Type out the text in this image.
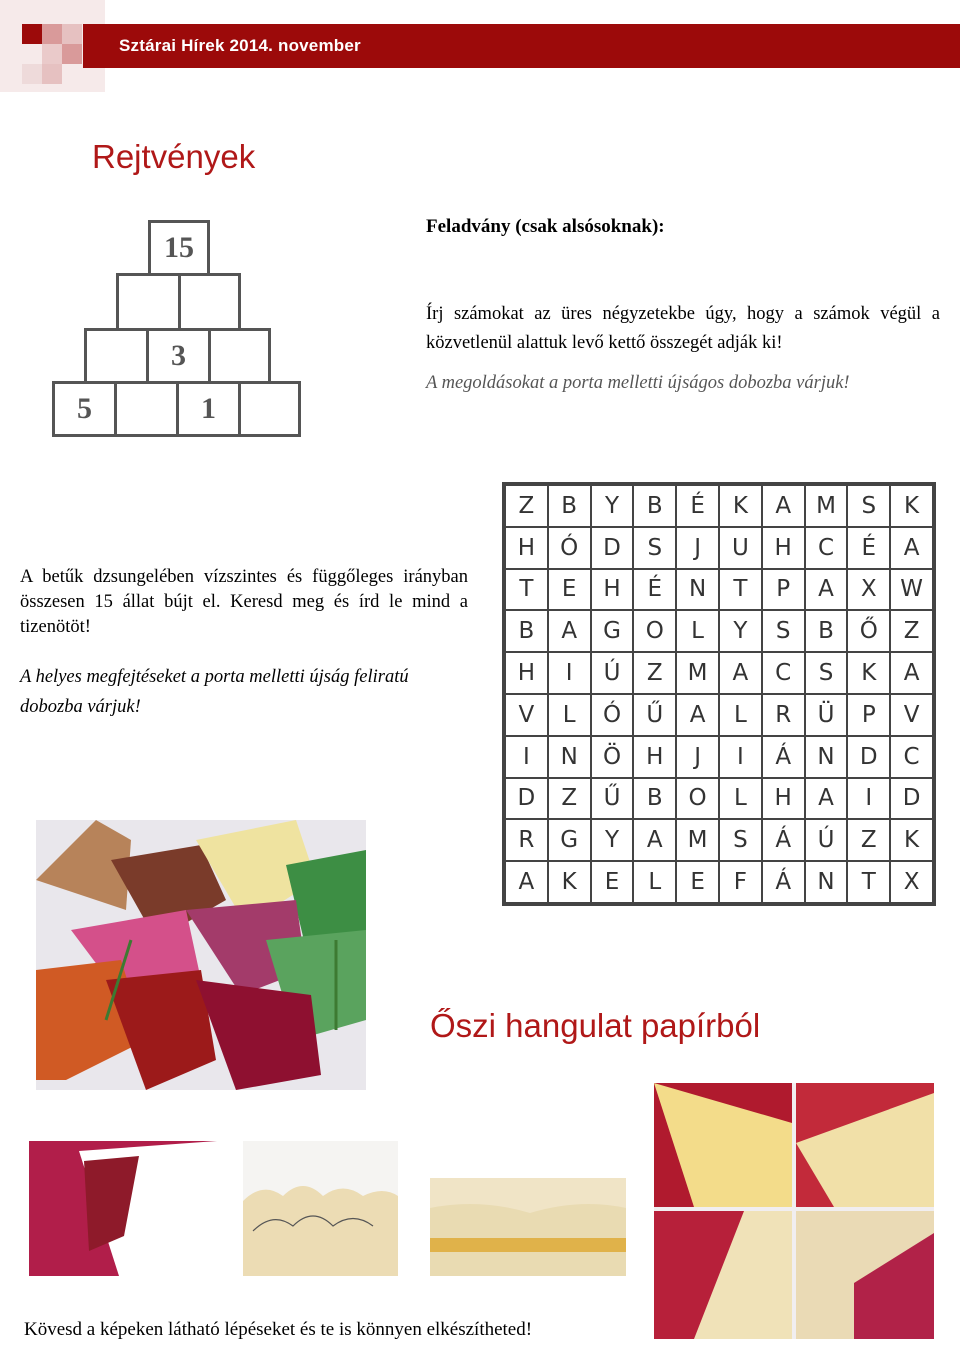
Sztárai Hírek 2014. november
Rejtvények
15
3
5	1
Feladvány (csak alsósoknak):
Írj számokat az üres négyzetekbe úgy, hogy a számok végül a közvetlenül alattuk levő kettő összegét adják ki!
A megoldásokat a porta melletti újságos dobozba várjuk!
A betűk dzsungelében vízszintes és függőleges irányban összesen 15 állat bújt el. Keresd meg és írd le mind a tizenötöt!
A helyes megfejtéseket a porta melletti újság feliratú dobozba várjuk!
Z	B	Y	B	É	K	A	M	S	K
H	Ó	D	S	J	U	H	C	É	A
T	E	H	É	N	T	P	A	X	W
B	A	G	O	L	Y	S	B	Ő	Z
H	I	Ú	Z	M	A	C	S	K	A
V	L	Ó	Ű	A	L	R	Ü	P	V
I	N	Ö	H	J	I	Á	N	D	C
D	Z	Ű	B	O	L	H	A	I	D
R	G	Y	A	M	S	Á	Ú	Z	K
A	K	E	L	E	F	Á	N	T	X
Őszi hangulat papírból
Kövesd a képeken látható lépéseket és te is könnyen elkészítheted!
